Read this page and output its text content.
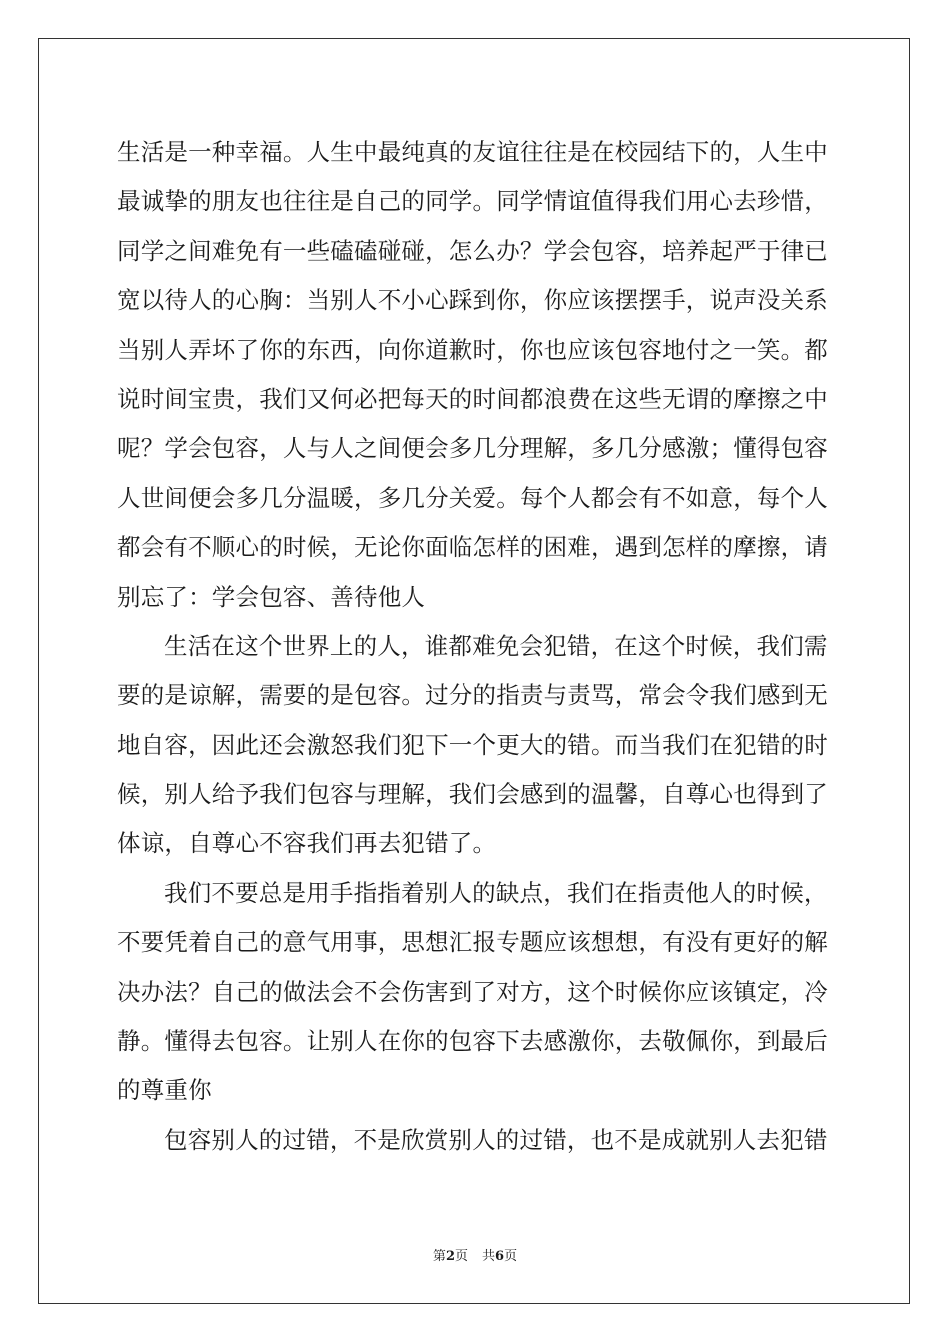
生活是一种幸福。人生中最纯真的友谊往往是在校园结下的，人生中
最诚挚的朋友也往往是自己的同学。同学情谊值得我们用心去珍惜，
同学之间难免有一些磕磕碰碰，怎么办？学会包容，培养起严于律已
宽以待人的心胸：当别人不小心踩到你，你应该摆摆手，说声没关系
当别人弄坏了你的东西，向你道歉时，你也应该包容地付之一笑。都
说时间宝贵，我们又何必把每天的时间都浪费在这些无谓的摩擦之中
呢？学会包容，人与人之间便会多几分理解，多几分感激；懂得包容
人世间便会多几分温暖，多几分关爱。每个人都会有不如意，每个人
都会有不顺心的时候，无论你面临怎样的困难，遇到怎样的摩擦，请
别忘了：学会包容、善待他人
生活在这个世界上的人，谁都难免会犯错，在这个时候，我们需
要的是谅解，需要的是包容。过分的指责与责骂，常会令我们感到无
地自容，因此还会激怒我们犯下一个更大的错。而当我们在犯错的时
候，别人给予我们包容与理解，我们会感到的温馨，自尊心也得到了
体谅，自尊心不容我们再去犯错了。
我们不要总是用手指指着别人的缺点，我们在指责他人的时候，
不要凭着自己的意气用事，思想汇报专题应该想想，有没有更好的解
决办法？自己的做法会不会伤害到了对方，这个时候你应该镇定，冷
静。懂得去包容。让别人在你的包容下去感激你，去敬佩你，到最后
的尊重你
包容别人的过错，不是欣赏别人的过错，也不是成就别人去犯错
第2页 共6页
